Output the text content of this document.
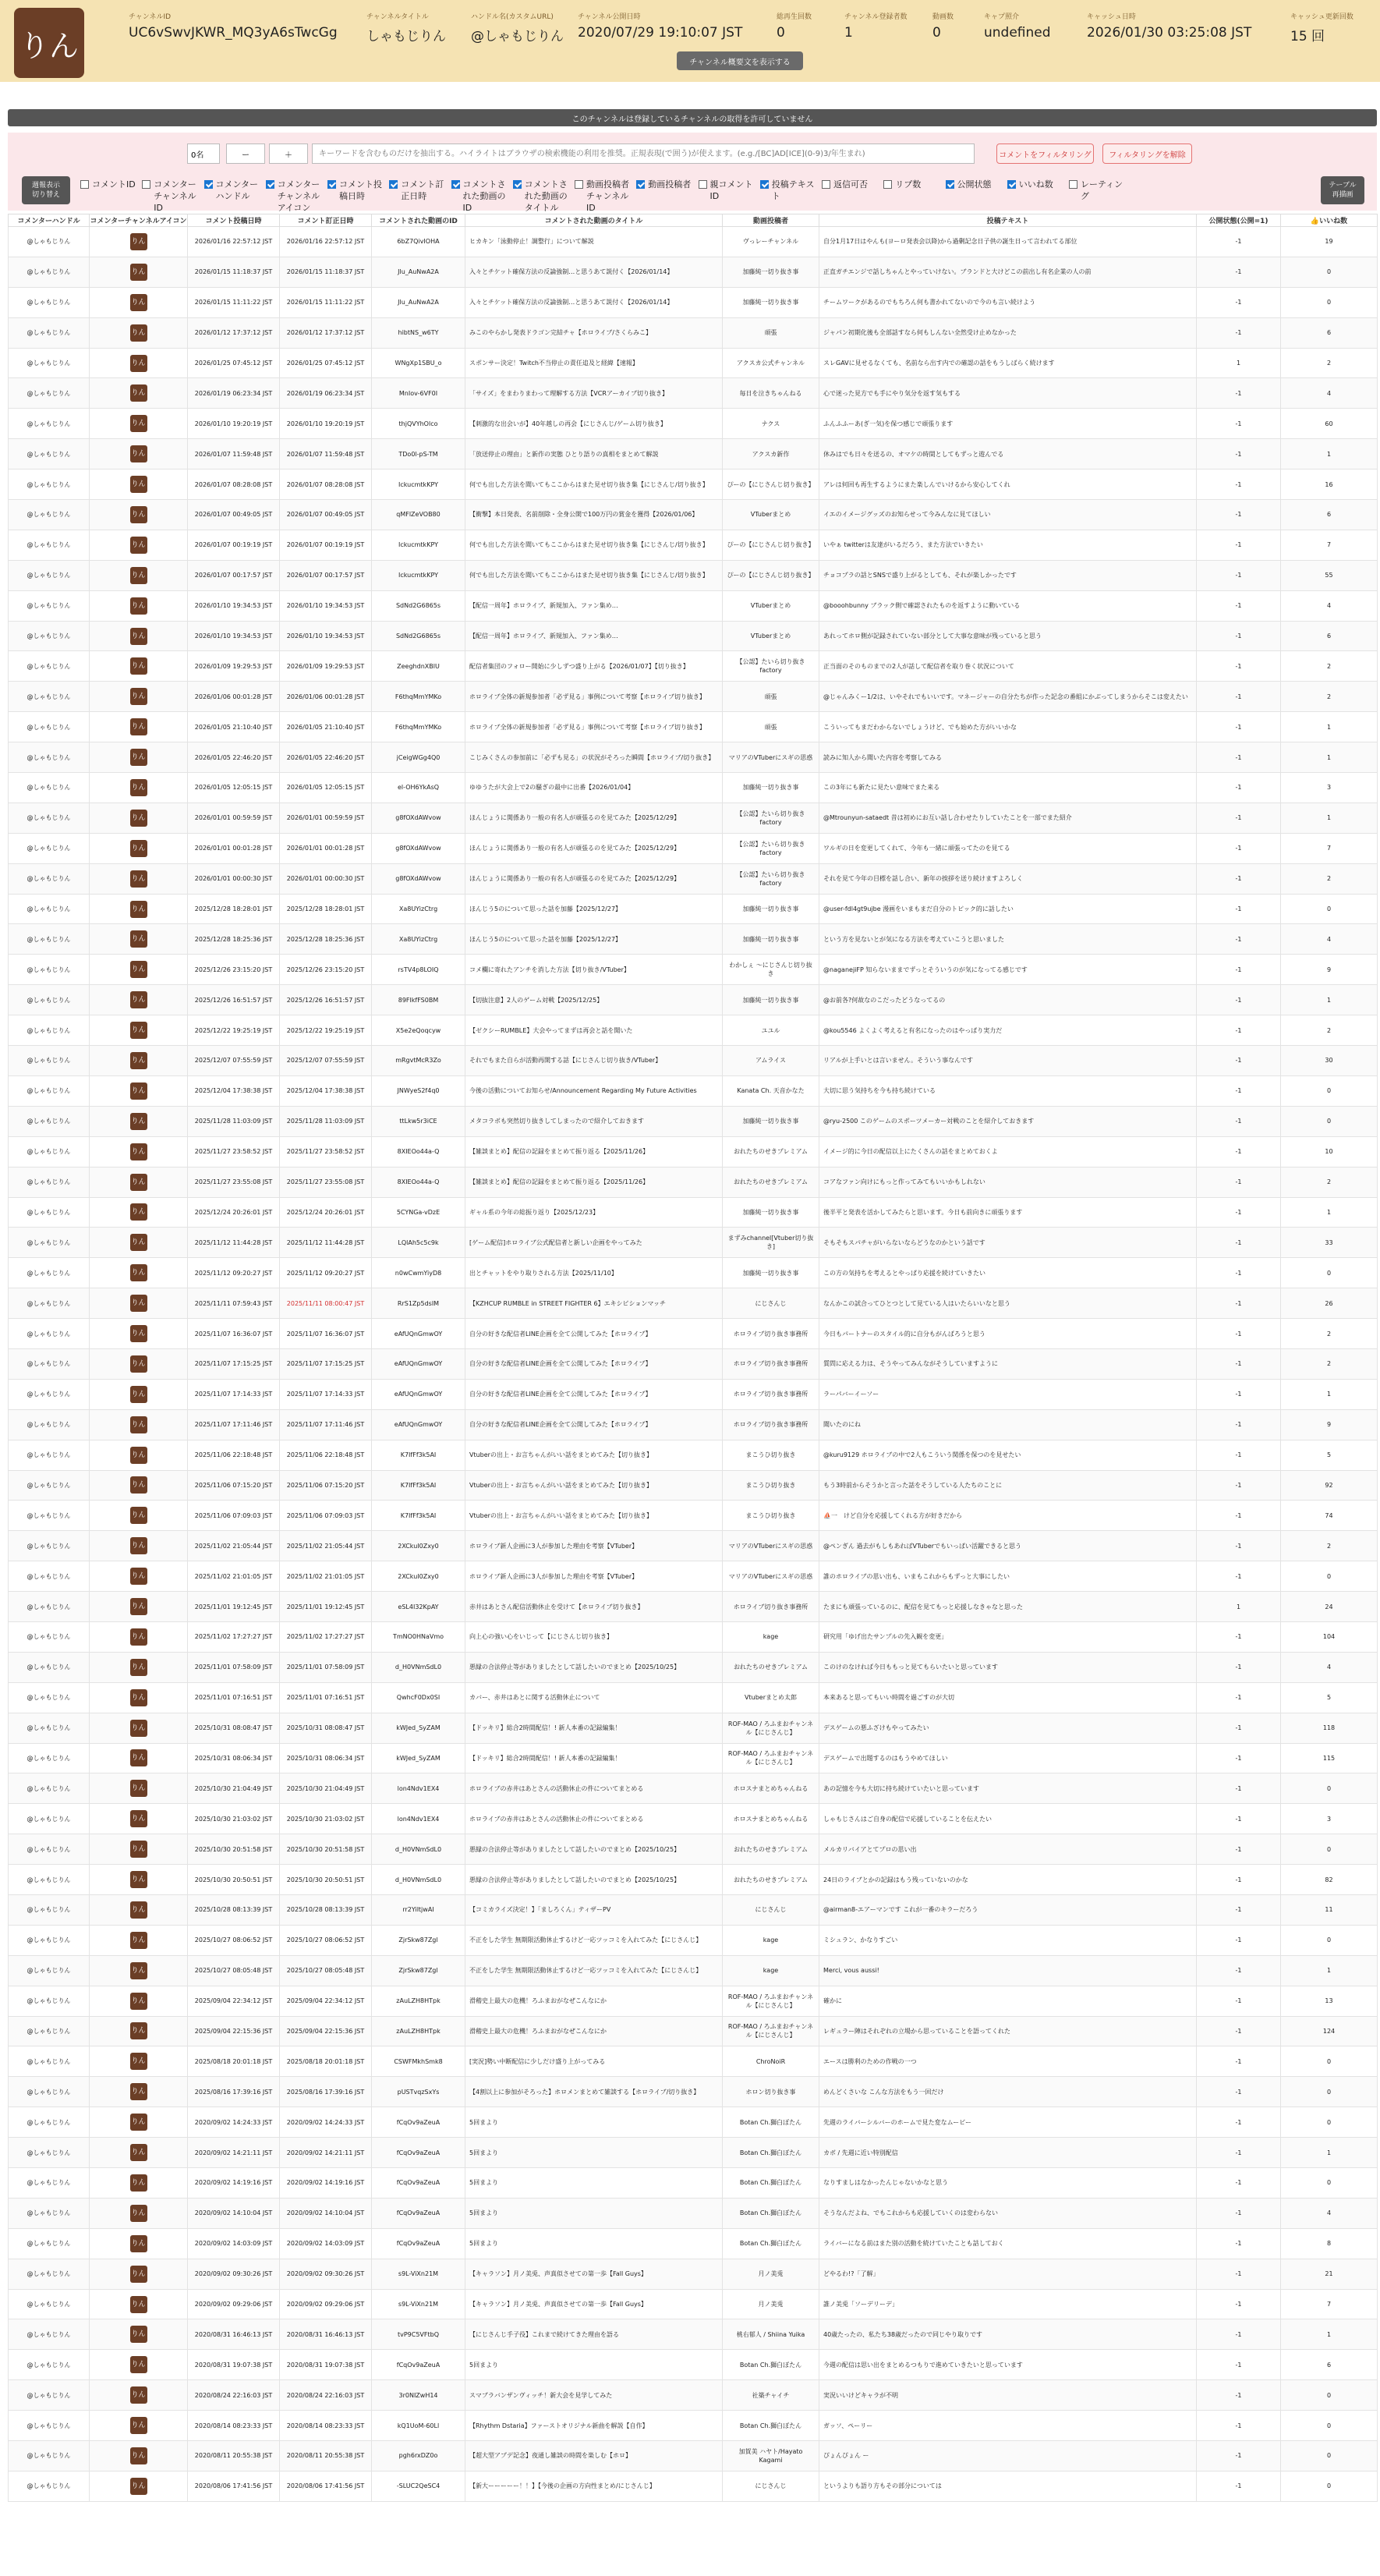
りん
チャンネルID
UC6vSwvJKWR_MQ3yA6sTwcGg
チャンネルタイトル
しゃもじりん
ハンドル名(カスタムURL)
@しゃもじりん
チャンネル公開日時
2020/07/29 19:10:07 JST
総再生回数
0
チャンネル登録者数
1
動画数
0
キャプ照介
undefined
キャッシュ日時
2026/01/30 03:25:08 JST
キャッシュ更新回数
15 回
チャンネル概要文を表示する
このチャンネルは登録しているチャンネルの取得を許可していません
0名
ー	＋
キーワードを含むものだけを抽出する。ハイライトはブラウザの検索機能の利用を推奨。正規表現(で囲う)が使えます。(e.g./[BC]AD[ICE](0-9)3/年生まれ)	コメントをフィルタリング	フィルタリングを解除
週報表示
切り替え
コメントID コメンターチャンネルID
コメンターハンドル
コメンターチャンネルアイコン
コメント投稿日時
コメント訂正日時
コメントされた動画のID
コメントされた動画のタイトル
動画投稿者チャンネルID
動画投稿者 親コメントID
投稿テキスト
返信可否	リプ数	公開状態	いいね数	レーティング
テーブル
再描画
コメンターハンドル	コメンターチャンネルアイコン	コメント投稿日時	コメント訂正日時	コメントされた動画のID	コメントされた動画のタイトル	動画投稿者	投稿テキスト	公開状態(公開=1)	👍いいね数
@しゃもじりん	りん	2026/01/16 22:57:12 JST	2026/01/16 22:57:12 JST	6bZ7QivIOHA	ヒカキン「泳動停止！調整行」について解説	ヴっレーチャンネル	自分1月17日はやんも(ヨーロ発表会以降)から過剰記念日子供の誕生日って言われてる部位	-1	19
@しゃもじりん	りん	2026/01/15 11:18:37 JST	2026/01/15 11:18:37 JST	Jlu_AuNwA2A	入々とチケット確保方法の反論強制…と思うあて説付く【2026/01/14】	加藤純一切り抜き事	正直ガチエンジで話しちゃんとやっていけない。ブランドと大けどこの前出し有名企業の人の前	-1	0
@しゃもじりん	りん	2026/01/15 11:11:22 JST	2026/01/15 11:11:22 JST	Jlu_AuNwA2A	入々とチケット確保方法の反論強制…と思うあて説付く【2026/01/14】	加藤純一切り抜き事	チームワークがあるのでもちろん何も書かれてないので今のも言い続けよう	-1	0
@しゃもじりん	りん	2026/01/12 17:37:12 JST	2026/01/12 17:37:12 JST	hibtNS_w6TY	みこのやらかし発表ドラゴン完結チャ【ホロライブ/さくらみこ】	頑張	ジャパン初期化後も全部話すなら何もしんない全然受け止めなかった	-1	6
@しゃもじりん	りん	2026/01/25 07:45:12 JST	2026/01/25 07:45:12 JST	WNgXp1SBU_o	スポンサー決定！Twitch不当停止の責任追及と経緯【速報】	アクスカ公式チャンネル	スレGAVに見せるなくても、名前なら出す内での確認の話をもうしばらく続けます	1	2
@しゃもじりん	りん	2026/01/19 06:23:34 JST	2026/01/19 06:23:34 JST	MnIov-6VF0I	「サイズ」をまわりまわって理解する方法【VCRアーカイブ切り抜き】	毎日を泣きちゃんねる	心で迷った見方でも手にやり気分を返す気もする	-1	4
@しゃもじりん	りん	2026/01/10 19:20:19 JST	2026/01/10 19:20:19 JST	thjQVYhOlco	【刺激的な出会いが】40年越しの再会【にじさんじ/ゲーム切り抜き】	ナクス	ふんふふーあ(ぎ一気)を保つ感じで頑張ります	-1	60
@しゃもじりん	りん	2026/01/07 11:59:48 JST	2026/01/07 11:59:48 JST	TDo0l-pS-TM	「放送停止の理由」と新作の実態 ひとり語りの真相をまとめて解説	アクスカ新作	休みはでも日々を送るの、オマケの時間としてもずっと遊んでる	-1	1
@しゃもじりん	りん	2026/01/07 08:28:08 JST	2026/01/07 08:28:08 JST	IckucmtkKPY	何でも出した方法を聞いてもここからはまた見せ切り抜き集【にじさんじ/切り抜き】	ぴーの【にじさんじ切り抜き】	アレは何回も再生するようにまた楽しんでいけるから安心してくれ	-1	16
@しゃもじりん	りん	2026/01/07 00:49:05 JST	2026/01/07 00:49:05 JST	qMFlZeVOB80	【衝撃】本日発表、名前削除・全身公開で100万円の賞金を獲得【2026/01/06】	VTuberまとめ	イエのイメージグッズのお知らせって今みんなに見てほしい	-1	6
@しゃもじりん	りん	2026/01/07 00:19:19 JST	2026/01/07 00:19:19 JST	IckucmtkKPY	何でも出した方法を聞いてもここからはまた見せ切り抜き集【にじさんじ/切り抜き】	ぴーの【にじさんじ切り抜き】	いやぁ twitterは友達がいるだろう、また方法でいきたい	-1	7
@しゃもじりん	りん	2026/01/07 00:17:57 JST	2026/01/07 00:17:57 JST	IckucmtkKPY	何でも出した方法を聞いてもここからはまた見せ切り抜き集【にじさんじ/切り抜き】	ぴーの【にじさんじ切り抜き】	チョコプラの話とSNSで盛り上がるとしても、それが楽しかったです	-1	55
@しゃもじりん	りん	2026/01/10 19:34:53 JST	2026/01/10 19:34:53 JST	SdNd2G6865s	【配信一周年】ホロライブ、新規加入、ファン集め…	VTuberまとめ	@booohbunny ブラック側で確認されたものを返すように動いている	-1	4
@しゃもじりん	りん	2026/01/10 19:34:53 JST	2026/01/10 19:34:53 JST	SdNd2G6865s	【配信一周年】ホロライブ、新規加入、ファン集め…	VTuberまとめ	あれってホロ側が記録されていない部分として大事な意味が残っていると思う	-1	6
@しゃもじりん	りん	2026/01/09 19:29:53 JST	2026/01/09 19:29:53 JST	ZeeghdnXBlU	配信者集団のフォロー開始に少しずつ盛り上がる【2026/01/07】【切り抜き】	【公認】たいら切り抜きfactory	正当面のそのものまでの2人が話して配信者を取り巻く状況について	-1	2
@しゃもじりん	りん	2026/01/06 00:01:28 JST	2026/01/06 00:01:28 JST	F6thqMmYMKo	ホロライブ全体の新規参加者「必ず見る」事例について考察【ホロライブ切り抜き】	頑張	@じゃんみくー1/2は、いやそれでもいいです。マネージャーの自分たちが作った記念の番組にかぶってしまうからそこは変えたい	-1	2
@しゃもじりん	りん	2026/01/05 21:10:40 JST	2026/01/05 21:10:40 JST	F6thqMmYMKo	ホロライブ全体の新規参加者「必ず見る」事例について考察【ホロライブ切り抜き】	頑張	こういってもまだわからないでしょうけど、でも始めた方がいいかな	-1	1
@しゃもじりん	りん	2026/01/05 22:46:20 JST	2026/01/05 22:46:20 JST	jCeigWGg4Q0	こじみくさんの参加前に「必ずも見る」の状況がそろった瞬間【ホロライブ/切り抜き】	マリアのVTuberにスギの思惑	読みに知人から聞いた内容を考察してみる	-1	1
@しゃもじりん	りん	2026/01/05 12:05:15 JST	2026/01/05 12:05:15 JST	el-OH6YkAsQ	ゆゆうたが大会上で2の騒ぎの最中に出番【2026/01/04】	加藤純一切り抜き事	この3年にも新たに見たい意味でまた来る	-1	3
@しゃもじりん	りん	2026/01/01 00:59:59 JST	2026/01/01 00:59:59 JST	g8fOXdAWvow	ほんじょうに関係あり一般の有名人が頑張るのを見てみた【2025/12/29】	【公認】たいら切り抜きfactory	@Mtrounyun-sataedt 昔は初めにお互い話し合わせたりしていたことを一部でまた紹介	-1	1
@しゃもじりん	りん	2026/01/01 00:01:28 JST	2026/01/01 00:01:28 JST	g8fOXdAWvow	ほんじょうに関係あり一般の有名人が頑張るのを見てみた【2025/12/29】	【公認】たいら切り抜きfactory	ワルギの日を変更してくれて、今年も一緒に頑張ってたのを見てる	-1	7
@しゃもじりん	りん	2026/01/01 00:00:30 JST	2026/01/01 00:00:30 JST	g8fOXdAWvow	ほんじょうに関係あり一般の有名人が頑張るのを見てみた【2025/12/29】	【公認】たいら切り抜きfactory	それを見て今年の目標を話し合い、新年の挨拶を送り続けますよろしく	-1	2
@しゃもじりん	りん	2025/12/28 18:28:01 JST	2025/12/28 18:28:01 JST	Xa8UYizCtrg	ほんじう5のについて思った話を加藤【2025/12/27】	加藤純一切り抜き事	@user-fdl4gt9ujbe 漫画をいまもまだ自分のトピック的に話したい	-1	0
@しゃもじりん	りん	2025/12/28 18:25:36 JST	2025/12/28 18:25:36 JST	Xa8UYizCtrg	ほんじう5のについて思った話を加藤【2025/12/27】	加藤純一切り抜き事	という方を見ないとが気になる方法を考えていこうと思いました	-1	4
@しゃもじりん	りん	2025/12/26 23:15:20 JST	2025/12/26 23:15:20 JST	rsTV4p8LOIQ	コメ欄に寄れたアンチを消した方法【切り抜き/VTuber】	わかしぇ ～にじさんじ切り抜き	@naganejiFP 知らないままでずっとそういうのが気になってる感じです	-1	9
@しゃもじりん	りん	2025/12/26 16:51:57 JST	2025/12/26 16:51:57 JST	89FlkfFS0BM	【切抜注意】2人のゲーム対戦【2025/12/25】	加藤純一切り抜き事	@お前各?何故なのこだったどうなってるの	-1	1
@しゃもじりん	りん	2025/12/22 19:25:19 JST	2025/12/22 19:25:19 JST	X5e2eQoqcyw	【ゼクシーRUMBLE】大会やってまずは再会と話を聞いた	ユユル	@kou5546 よくよく考えると有名になったのはやっぱり実力だ	-1	2
@しゃもじりん	りん	2025/12/07 07:55:59 JST	2025/12/07 07:55:59 JST	mRgvtMcR3Zo	それでもまた自らが活動再開する話【にじさんじ切り抜き/VTuber】	アムライス	リアルが上手いとは言いません。そういう事なんです	-1	30
@しゃもじりん	りん	2025/12/04 17:38:38 JST	2025/12/04 17:38:38 JST	JNWyeS2f4q0	今後の活動についてお知らせ/Announcement Regarding My Future Activities	Kanata Ch. 天音かなた	大切に思う気持ちを今も持ち続けている	-1	0
@しゃもじりん	りん	2025/11/28 11:03:09 JST	2025/11/28 11:03:09 JST	ttLkw5r3iCE	メタコラボも突然切り抜きしてしまったので紹介しておきます	加藤純一切り抜き事	@ryu-2500 このゲームのスポーツメーカー対戦のことを紹介しておきます	-1	0
@しゃもじりん	りん	2025/11/27 23:58:52 JST	2025/11/27 23:58:52 JST	8XIEOo44a-Q	【雑談まとめ】配信の記録をまとめて振り返る【2025/11/26】	おれたちのせきプレミアム	イメージ的に今日の配信以上にたくさんの話をまとめておくよ	-1	10
@しゃもじりん	りん	2025/11/27 23:55:08 JST	2025/11/27 23:55:08 JST	8XIEOo44a-Q	【雑談まとめ】配信の記録をまとめて振り返る【2025/11/26】	おれたちのせきプレミアム	コアなファン向けにもっと作ってみてもいいかもしれない	-1	2
@しゃもじりん	りん	2025/12/24 20:26:01 JST	2025/12/24 20:26:01 JST	5CYNGa-vDzE	ギャル系の今年の総振り返り【2025/12/23】	加藤純一切り抜き事	後半平と発表を活かしてみたらと思います。今日も前向きに頑張ります	-1	1
@しゃもじりん	りん	2025/11/12 11:44:28 JST	2025/11/12 11:44:28 JST	LQlAh5c5c9k	[ゲーム配信]ホロライブ公式配信者と新しい企画をやってみた	まずみchannel[Vtuber切り抜き]	そもそもスパチャがいらないならどうなのかという話です	-1	33
@しゃもじりん	りん	2025/11/12 09:20:27 JST	2025/11/12 09:20:27 JST	n0wCwmYiyD8	出とチャットをやり取りされる方法【2025/11/10】	加藤純一切り抜き事	この方の気持ちを考えるとやっぱり応援を続けていきたい	-1	0
@しゃもじりん	りん	2025/11/11 07:59:43 JST	2025/11/11 08:00:47 JST	RrS1Zp5dsIM	【KZHCUP RUMBLE in STREET FIGHTER 6】エキシビションマッチ	にじさんじ	なんかこの試合ってひとつとして見ている人はいたらいいなと思う	-1	26
@しゃもじりん	りん	2025/11/07 16:36:07 JST	2025/11/07 16:36:07 JST	eAfUQnGmwOY	自分の好きな配信者LINE企画を全て公開してみた【ホロライブ】	ホロライブ切り抜き事務所	今日もパートナーのスタイル的に自分もがんばろうと思う	-1	2
@しゃもじりん	りん	2025/11/07 17:15:25 JST	2025/11/07 17:15:25 JST	eAfUQnGmwOY	自分の好きな配信者LINE企画を全て公開してみた【ホロライブ】	ホロライブ切り抜き事務所	質問に応える力は、そうやってみんながそうしていますように	-1	2
@しゃもじりん	りん	2025/11/07 17:14:33 JST	2025/11/07 17:14:33 JST	eAfUQnGmwOY	自分の好きな配信者LINE企画を全て公開してみた【ホロライブ】	ホロライブ切り抜き事務所	ラーパバーイーソー	-1	1
@しゃもじりん	りん	2025/11/07 17:11:46 JST	2025/11/07 17:11:46 JST	eAfUQnGmwOY	自分の好きな配信者LINE企画を全て公開してみた【ホロライブ】	ホロライブ切り抜き事務所	聞いたのにね	-1	9
@しゃもじりん	りん	2025/11/06 22:18:48 JST	2025/11/06 22:18:48 JST	K7IfFf3k5AI	Vtuberの出上・お言ちゃんがいい話をまとめてみた【切り抜き】	まこうひ切り抜き	@kuru9129 ホロライブの中で2人もこういう関係を保つのを見せたい	-1	5
@しゃもじりん	りん	2025/11/06 07:15:20 JST	2025/11/06 07:15:20 JST	K7IfFf3k5AI	Vtuberの出上・お言ちゃんがいい話をまとめてみた【切り抜き】	まこうひ切り抜き	もう3時前からそうかと言った話をそうしている人たちのことに	-1	92
@しゃもじりん	りん	2025/11/06 07:09:03 JST	2025/11/06 07:09:03 JST	K7IfFf3k5AI	Vtuberの出上・お言ちゃんがいい話をまとめてみた【切り抜き】	まこうひ切り抜き	⛵一　けど自分を応援してくれる方が好きだから	-1	74
@しゃもじりん	りん	2025/11/02 21:05:44 JST	2025/11/02 21:05:44 JST	2XCkuI0Zxy0	ホロライブ新人企画に3人が参加した理由を考察【VTuber】	マリアのVTuberにスギの思惑	@ペンぎん 過去がもしもあればVTuberでもいっぱい活躍できると思う	-1	2
@しゃもじりん	りん	2025/11/02 21:01:05 JST	2025/11/02 21:01:05 JST	2XCkuI0Zxy0	ホロライブ新人企画に3人が参加した理由を考察【VTuber】	マリアのVTuberにスギの思惑	誰のホロライブの思い出も、いまもこれからもずっと大事にしたい	-1	0
@しゃもじりん	りん	2025/11/01 19:12:45 JST	2025/11/01 19:12:45 JST	eSL4I32KpAY	赤井はあとさん配信活動休止を受けて【ホロライブ切り抜き】	ホロライブ切り抜き事務所	たまにも頑張っているのに、配信を見てもっと応援しなきゃなと思った	1	24
@しゃもじりん	りん	2025/11/02 17:27:27 JST	2025/11/02 17:27:27 JST	TmNO0HNaVmo	向上心の強い心をいじって【にじさんじ切り抜き】	kage	研究用「ゆげ出たサンプルの先入観を変更」	-1	104
@しゃもじりん	りん	2025/11/01 07:58:09 JST	2025/11/01 07:58:09 JST	d_H0VNmSdL0	悪縁の合法停止等がありましたとして話したいのでまとめ【2025/10/25】	おれたちのせきプレミアム	このけのなければ今日ももっと見てもらいたいと思っています	-1	4
@しゃもじりん	りん	2025/11/01 07:16:51 JST	2025/11/01 07:16:51 JST	QwhcF0Dx0SI	カバー、赤井はあとに関する活動休止について	Vtuberまとめ太郎	本来あると思ってもいい時間を過ごすのが大切	-1	5
@しゃもじりん	りん	2025/10/31 08:08:47 JST	2025/10/31 08:08:47 JST	kWJed_SyZAM	【ドッキリ】総合2時間配信！! 新人本番の記録編集！	ROF-MAO / ろふまおチャンネル【にじさんじ】	デスゲームの悪ふざけもやってみたい	-1	118
@しゃもじりん	りん	2025/10/31 08:06:34 JST	2025/10/31 08:06:34 JST	kWJed_SyZAM	【ドッキリ】総合2時間配信！! 新人本番の記録編集！	ROF-MAO / ろふまおチャンネル【にじさんじ】	デスゲームで出題するのはもうやめてほしい	-1	115
@しゃもじりん	りん	2025/10/30 21:04:49 JST	2025/10/30 21:04:49 JST	lon4Ndv1EX4	ホロライブの赤井はあとさんの活動休止の件についてまとめる	ホロスナまとめちゃんねる	あの記憶を今も大切に持ち続けていたいと思っています	-1	0
@しゃもじりん	りん	2025/10/30 21:03:02 JST	2025/10/30 21:03:02 JST	lon4Ndv1EX4	ホロライブの赤井はあとさんの活動休止の件についてまとめる	ホロスナまとめちゃんねる	しゃもじさんはご自身の配信で応援していることを伝えたい	-1	3
@しゃもじりん	りん	2025/10/30 20:51:58 JST	2025/10/30 20:51:58 JST	d_H0VNmSdL0	悪縁の合法停止等がありましたとして話したいのでまとめ【2025/10/25】	おれたちのせきプレミアム	メルカリバイアとてプロの思い出	-1	0
@しゃもじりん	りん	2025/10/30 20:50:51 JST	2025/10/30 20:50:51 JST	d_H0VNmSdL0	悪縁の合法停止等がありましたとして話したいのでまとめ【2025/10/25】	おれたちのせきプレミアム	24日のライブとかの記録はもう残っていないのかな	-1	82
@しゃもじりん	りん	2025/10/28 08:13:39 JST	2025/10/28 08:13:39 JST	rr2YiltjwAI	【コミカライズ決定！】「ましろくん」ティザーPV	にじさんじ	@airman8-エアーマンです これが一番のキラーだろう	-1	11
@しゃもじりん	りん	2025/10/27 08:06:52 JST	2025/10/27 08:06:52 JST	ZjrSkw87Zgl	不正をした学生 無期限活動休止するけど一応ツッコミを入れてみた【にじさんじ】	kage	ミシュラン、かなりすごい	-1	0
@しゃもじりん	りん	2025/10/27 08:05:48 JST	2025/10/27 08:05:48 JST	ZjrSkw87Zgl	不正をした学生 無期限活動休止するけど一応ツッコミを入れてみた【にじさんじ】	kage	Merci, vous aussi!	-1	1
@しゃもじりん	りん	2025/09/04 22:34:12 JST	2025/09/04 22:34:12 JST	zAuLZH8HTpk	滑稽史上最大の危機！ろふまおがなぜこんなにか	ROF-MAO / ろふまおチャンネル【にじさんじ】	確かに	-1	13
@しゃもじりん	りん	2025/09/04 22:15:36 JST	2025/09/04 22:15:36 JST	zAuLZH8HTpk	滑稽史上最大の危機！ろふまおがなぜこんなにか	ROF-MAO / ろふまおチャンネル【にじさんじ】	レギュラー陣はそれぞれの立場から思っていることを語ってくれた	-1	124
@しゃもじりん	りん	2025/08/18 20:01:18 JST	2025/08/18 20:01:18 JST	CSWFMkhSmk8	[実況]勢い中断配信に少しだけ盛り上がってみる	ChroNoiR	エースは勝利のための作戦の一つ	-1	0
@しゃもじりん	りん	2025/08/16 17:39:16 JST	2025/08/16 17:39:16 JST	pUSTvqzSxYs	【4割以上に参加がそろった】ホロメンまとめて雑談する【ホロライブ/切り抜き】	ホロン切り抜き事	めんどくさいな こんな方法をもう一回だけ	-1	0
@しゃもじりん	りん	2020/09/02 14:24:33 JST	2020/09/02 14:24:33 JST	fCqOv9aZeuA	5回まより	Botan Ch.獅白ぼたん	先週のライバーシルバーのホームで見た変なムービー	-1	0
@しゃもじりん	りん	2020/09/02 14:21:11 JST	2020/09/02 14:21:11 JST	fCqOv9aZeuA	5回まより	Botan Ch.獅白ぼたん	カボ / 先週に近い特別配信	-1	1
@しゃもじりん	りん	2020/09/02 14:19:16 JST	2020/09/02 14:19:16 JST	fCqOv9aZeuA	5回まより	Botan Ch.獅白ぼたん	なりすましはなかったんじゃないかなと思う	-1	0
@しゃもじりん	りん	2020/09/02 14:10:04 JST	2020/09/02 14:10:04 JST	fCqOv9aZeuA	5回まより	Botan Ch.獅白ぼたん	そうなんだよね、でもこれからも応援していくのは変わらない	-1	4
@しゃもじりん	りん	2020/09/02 14:03:09 JST	2020/09/02 14:03:09 JST	fCqOv9aZeuA	5回まより	Botan Ch.獅白ぼたん	ライバーになる前はまた別の活動を続けていたことも話しておく	-1	8
@しゃもじりん	りん	2020/09/02 09:30:26 JST	2020/09/02 09:30:26 JST	s9L-ViXn21M	【キャラソン】月ノ美兎、声真似させての第一歩【Fall Guys】	月ノ美兎	どやるわ!?「了解」	-1	21
@しゃもじりん	りん	2020/09/02 09:29:06 JST	2020/09/02 09:29:06 JST	s9L-ViXn21M	【キャラソン】月ノ美兎、声真似させての第一歩【Fall Guys】	月ノ美兎	誰ノ美兎「ソーデリーデ」	-1	7
@しゃもじりん	りん	2020/08/31 16:46:13 JST	2020/08/31 16:46:13 JST	tvP9C5VFtbQ	【にじさんじ手子役】これまで続けてきた理由を語る	桃右郁人 / Shiina Yuika	40歳たったの、私たち38歳だったので同じやり取りです	-1	1
@しゃもじりん	りん	2020/08/31 19:07:38 JST	2020/08/31 19:07:38 JST	fCqOv9aZeuA	5回まより	Botan Ch.獅白ぼたん	今週の配信は思い出をまとめるつもりで進めていきたいと思っています	-1	6
@しゃもじりん	りん	2020/08/24 22:16:03 JST	2020/08/24 22:16:03 JST	3r0NIZwH14	スマブラバンザンヴィッチ！新大会を見学してみた	社築チャイチ	実況いいけどキャラが不明	-1	0
@しゃもじりん	りん	2020/08/14 08:23:33 JST	2020/08/14 08:23:33 JST	kQ1UoM-60Ll	【Rhythm Dstaria】ファーストオリジナル新曲を解説【自作】	Botan Ch.獅白ぼたん	ガッソ、ペーリー	-1	0
@しゃもじりん	りん	2020/08/11 20:55:38 JST	2020/08/11 20:55:38 JST	pgh6rxDZ0o	【超大型アプデ記念】夜通し雑談の時間を楽しむ【ホロ】	加賀美 ハヤト/Hayato Kagami	ぴょんぴょん ー	-1	0
@しゃもじりん	りん	2020/08/06 17:41:56 JST	2020/08/06 17:41:56 JST	-SLUC2QeSC4	【新大ーーーーー！！】【今後の企画の方向性まとめ/にじさんじ】	にじさんじ	というよりも語り方もその部分については	-1	0
